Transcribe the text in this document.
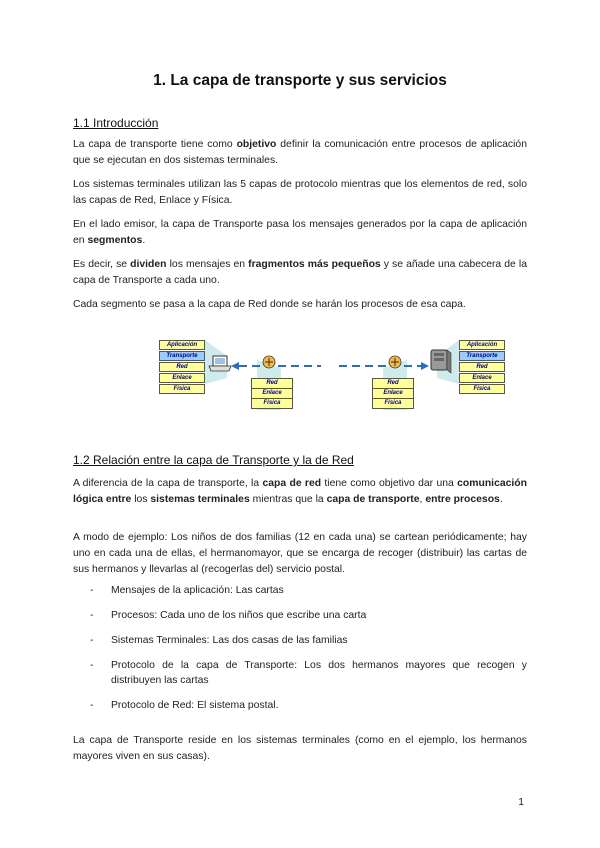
1. La capa de transporte y sus servicios
1.1 Introducción

La capa de transporte tiene como objetivo definir la comunicación entre procesos de aplicación que se ejecutan en dos sistemas terminales.

Los sistemas terminales utilizan las 5 capas de protocolo mientras que los elementos de red, solo las capas de Red, Enlace y Física.

En el lado emisor, la capa de Transporte pasa los mensajes generados por la capa de aplicación en segmentos.

Es decir, se dividen los mensajes en fragmentos más pequeños y se añade una cabecera de la capa de Transporte a cada uno.

Cada segmento se pasa a la capa de Red donde se harán los procesos de esa capa.

Aplicación
Transporte
Red
Enlace
Física
Aplicación
Transporte
Red
Enlace
Física
Red
Enlace
Física
Red
Enlace
Física
1.2 Relación entre la capa de Transporte y la de Red

A diferencia de la capa de transporte, la capa de red tiene como objetivo dar una comunicación lógica entre los sistemas terminales mientras que la capa de transporte, entre procesos.

A modo de ejemplo: Los niños de dos familias (12 en cada una) se cartean periódicamente; hay uno en cada una de ellas, el hermanomayor, que se encarga de recoger (distribuir) las cartas de sus hermanos y llevarlas al (recogerlas del) servicio postal.

- Mensajes de la aplicación: Las cartas
- Procesos: Cada uno de los niños que escribe una carta
- Sistemas Terminales: Las dos casas de las familias
- Protocolo de la capa de Transporte: Los dos hermanos mayores que recogen y distribuyen las cartas
- Protocolo de Red: El sistema postal.

La capa de Transporte reside en los sistemas terminales (como en el ejemplo, los hermanos mayores viven en sus casas).

1
